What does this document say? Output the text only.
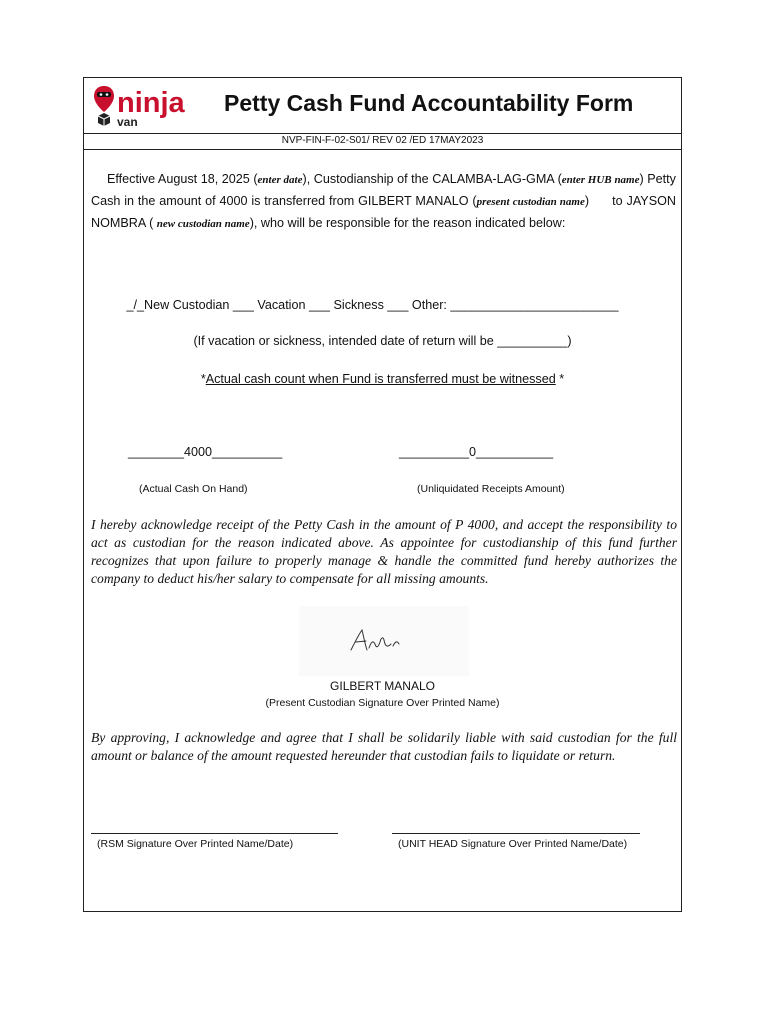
ninja
van
Petty Cash Fund Accountability Form
NVP-FIN-F-02-S01/ REV 02 /ED 17MAY2023
Effective August 18, 2025 (enter date), Custodianship of the CALAMBA-LAG-GMA (enter HUB name) Petty Cash in the amount of 4000 is transferred from GILBERT MANALO (present custodian name)      to JAYSON NOMBRA ( new custodian name), who will be responsible for the reason indicated below:
_/_New Custodian ___ Vacation ___ Sickness ___ Other: ________________________
(If vacation or sickness, intended date of return will be __________)
*Actual cash count when Fund is transferred must be witnessed *
________4000__________	__________0___________
(Actual Cash On Hand)	(Unliquidated Receipts Amount)
I hereby acknowledge receipt of the Petty Cash in the amount of P 4000, and accept the responsibility to act as custodian for the reason indicated above. As appointee for custodianship of this fund further recognizes that upon failure to properly manage & handle the committed fund hereby authorizes the company to deduct his/her salary to compensate for all missing amounts.
GILBERT MANALO
(Present Custodian Signature Over Printed Name)
By approving, I acknowledge and agree that I shall be solidarily liable with said custodian for the full amount or balance of the amount requested hereunder that custodian fails to liquidate or return.
(RSM Signature Over Printed Name/Date)	(UNIT HEAD Signature Over Printed Name/Date)
